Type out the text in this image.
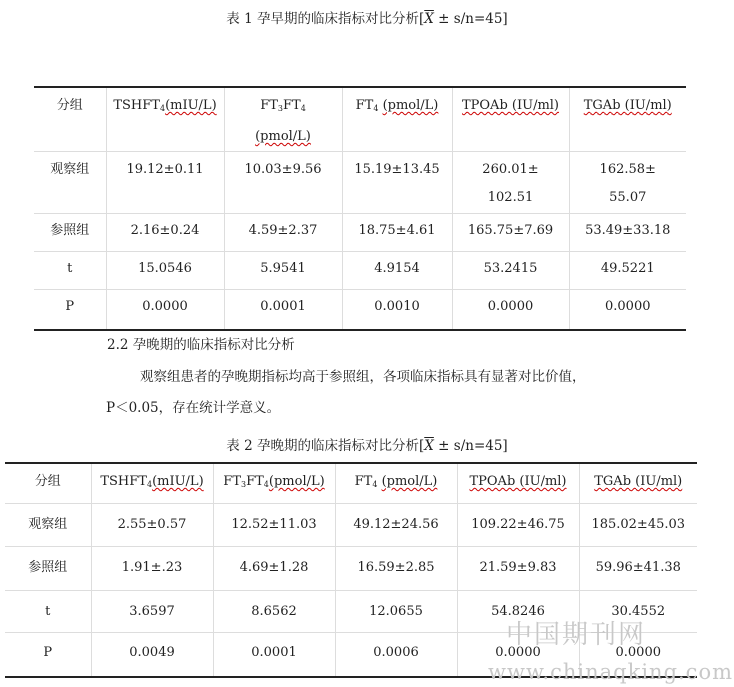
表 1 孕早期的临床指标对比分析$[\overline{X} \pm s/n=45]$
分组	$TSHFT_4(mIU/L)$	$FT_3FT_4$
(pmol/L)	$FT_4$ (pmol/L)	TPOAb (IU/ml)	TGAb (IU/ml)

观察组	19.12±0.11	10.03±9.56	15.19±13.45	260.01±
102.51	162.58±
55.07

参照组	2.16±0.24	4.59±2.37	18.75±4.61	165.75±7.69	53.49±33.18

t	15.0546	5.9541	4.9154	53.2415	49.5221

P	0.0000	0.0001	0.0010	0.0000	0.0000
2.2 孕晚期的临床指标对比分析
观察组患者的孕晚期指标均高于参照组，各项临床指标具有显著对比价值，
P＜0.05，存在统计学意义。
表 2 孕晚期的临床指标对比分析$[\overline{X} \pm s/n=45]$
分组	$TSHFT_4(mIU/L)$	$FT_3FT_4(pmol/L)$	$FT_4$ (pmol/L)	TPOAb (IU/ml)	TGAb (IU/ml)

观察组	2.55±0.57	12.52±11.03	49.12±24.56	109.22±46.75	185.02±45.03

参照组	1.91±.23	4.69±1.28	16.59±2.85	21.59±9.83	59.96±41.38

t	3.6597	8.6562	12.0655	54.8246	30.4552

P	0.0049	0.0001	0.0006	0.0000	0.0000
中国期刊网
www.chinaqking.com
